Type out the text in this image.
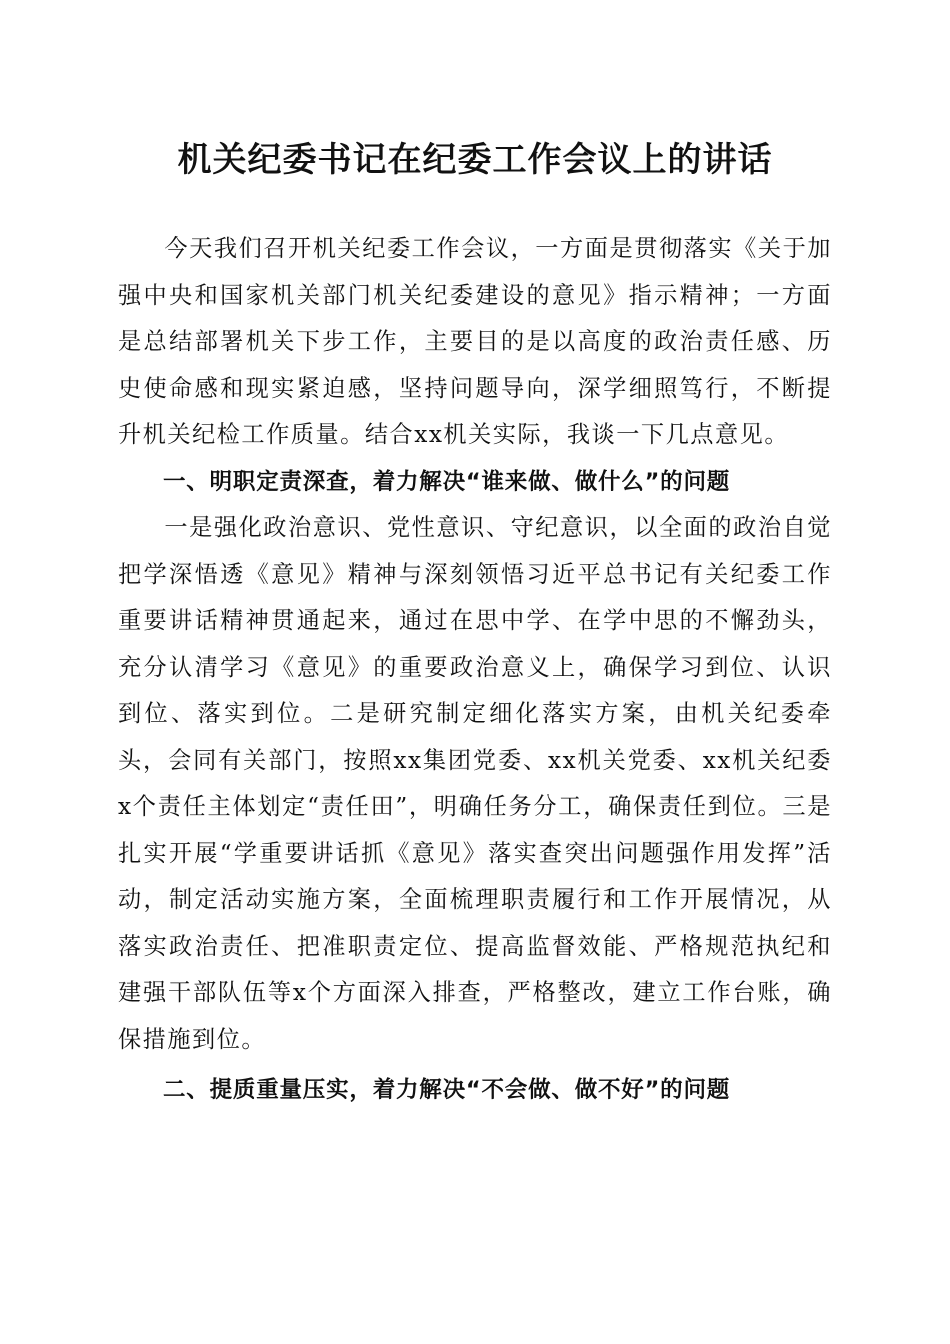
机关纪委书记在纪委工作会议上的讲话

今天我们召开机关纪委工作会议，一方面是贯彻落实《关于加强中央和国家机关部门机关纪委建设的意见》指示精神；一方面是总结部署机关下步工作，主要目的是以高度的政治责任感、历史使命感和现实紧迫感，坚持问题导向，深学细照笃行，不断提升机关纪检工作质量。结合xx机关实际，我谈一下几点意见。

一、明职定责深查，着力解决“谁来做、做什么”的问题

一是强化政治意识、党性意识、守纪意识，以全面的政治自觉把学深悟透《意见》精神与深刻领悟习近平总书记有关纪委工作重要讲话精神贯通起来，通过在思中学、在学中思的不懈劲头，充分认清学习《意见》的重要政治意义上，确保学习到位、认识到位、落实到位。二是研究制定细化落实方案，由机关纪委牵头，会同有关部门，按照xx集团党委、xx机关党委、xx机关纪委x个责任主体划定“责任田”，明确任务分工，确保责任到位。三是扎实开展“学重要讲话抓《意见》落实查突出问题强作用发挥”活动，制定活动实施方案，全面梳理职责履行和工作开展情况，从落实政治责任、把准职责定位、提高监督效能、严格规范执纪和建强干部队伍等x个方面深入排查，严格整改，建立工作台账，确保措施到位。

二、提质重量压实，着力解决“不会做、做不好”的问题
